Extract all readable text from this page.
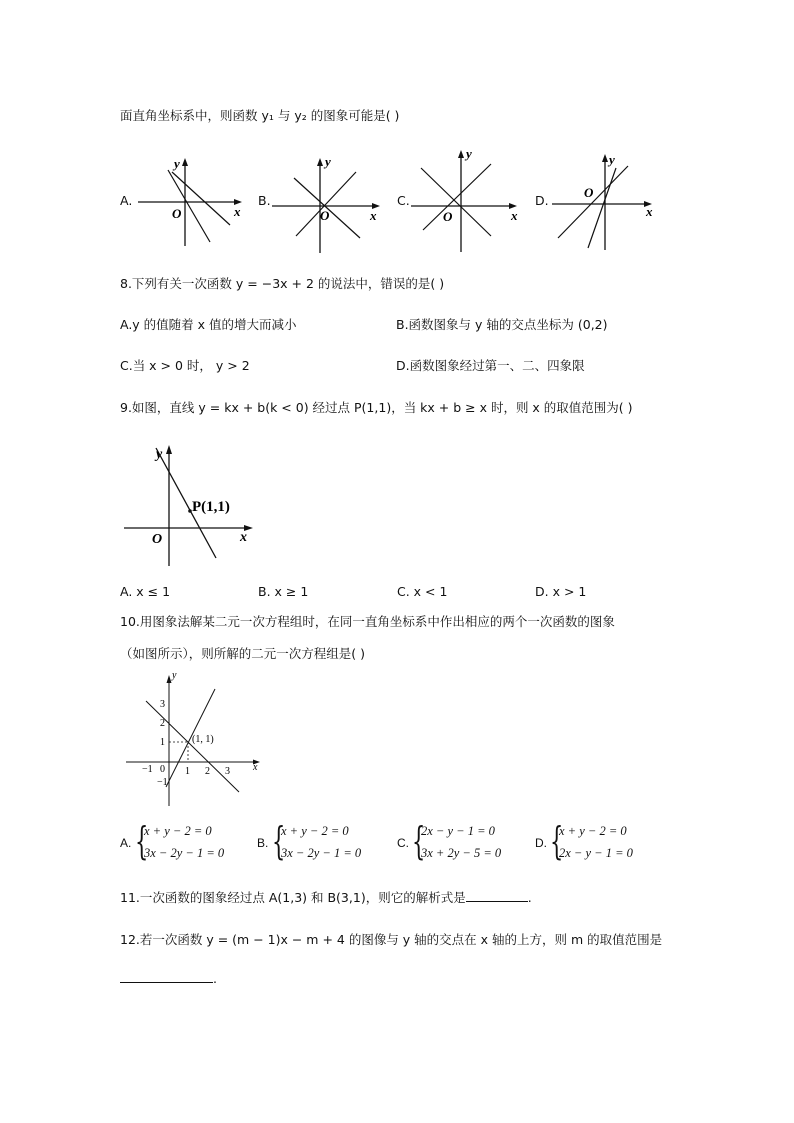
面直角坐标系中，则函数 y₁ 与 y₂ 的图象可能是( )
A.
y
x
O
B.
y
x
O
C.
y
x
O
D.
y
x
O
8.下列有关一次函数 y = −3x + 2 的说法中，错误的是( )
A.y 的值随着 x 值的增大而减小	B.函数图象与 y 轴的交点坐标为 (0,2)
C.当 x > 0 时， y > 2	D.函数图象经过第一、二、四象限
9.如图，直线 y = kx + b(k < 0) 经过点 P(1,1)，当 kx + b ≥ x 时，则 x 的取值范围为( )
y
x
O
P(1,1)
A. x ≤ 1	B. x ≥ 1	C. x < 1	D. x > 1
10.用图象法解某二元一次方程组时，在同一直角坐标系中作出相应的两个一次函数的图象
（如图所示），则所解的二元一次方程组是( )
y
x
0
−1	1 2 3
3
2
1
−1
(1, 1)
A. {
x + y − 2 = 0
3x − 2y − 1 = 0
B. {
x + y − 2 = 0
3x − 2y − 1 = 0
C. {
2x − y − 1 = 0
3x + 2y − 5 = 0
D. {
x + y − 2 = 0
2x − y − 1 = 0
11.一次函数的图象经过点 A(1,3) 和 B(3,1)，则它的解析式是	.
12.若一次函数 y = (m − 1)x − m + 4 的图像与 y 轴的交点在 x 轴的上方，则 m 的取值范围是
.
